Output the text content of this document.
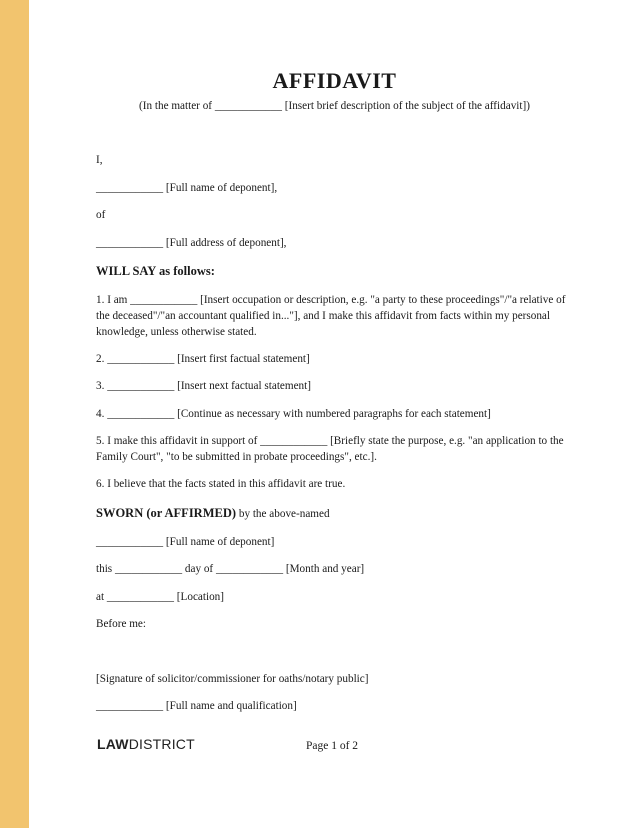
AFFIDAVIT
(In the matter of ____________ [Insert brief description of the subject of the affidavit])
I,
____________ [Full name of deponent],
of
____________ [Full address of deponent],
WILL SAY as follows:
1. I am ____________ [Insert occupation or description, e.g. "a party to these proceedings"/"a relative of the deceased"/"an accountant qualified in..."], and I make this affidavit from facts within my personal knowledge, unless otherwise stated.
2. ____________ [Insert first factual statement]
3. ____________ [Insert next factual statement]
4. ____________ [Continue as necessary with numbered paragraphs for each statement]
5. I make this affidavit in support of ____________ [Briefly state the purpose, e.g. "an application to the Family Court", "to be submitted in probate proceedings", etc.].
6. I believe that the facts stated in this affidavit are true.
SWORN (or AFFIRMED) by the above-named
____________ [Full name of deponent]
this ____________ day of ____________ [Month and year]
at ____________ [Location]
Before me:
[Signature of solicitor/commissioner for oaths/notary public]
____________ [Full name and qualification]
LAWDISTRICT	Page 1 of 2
